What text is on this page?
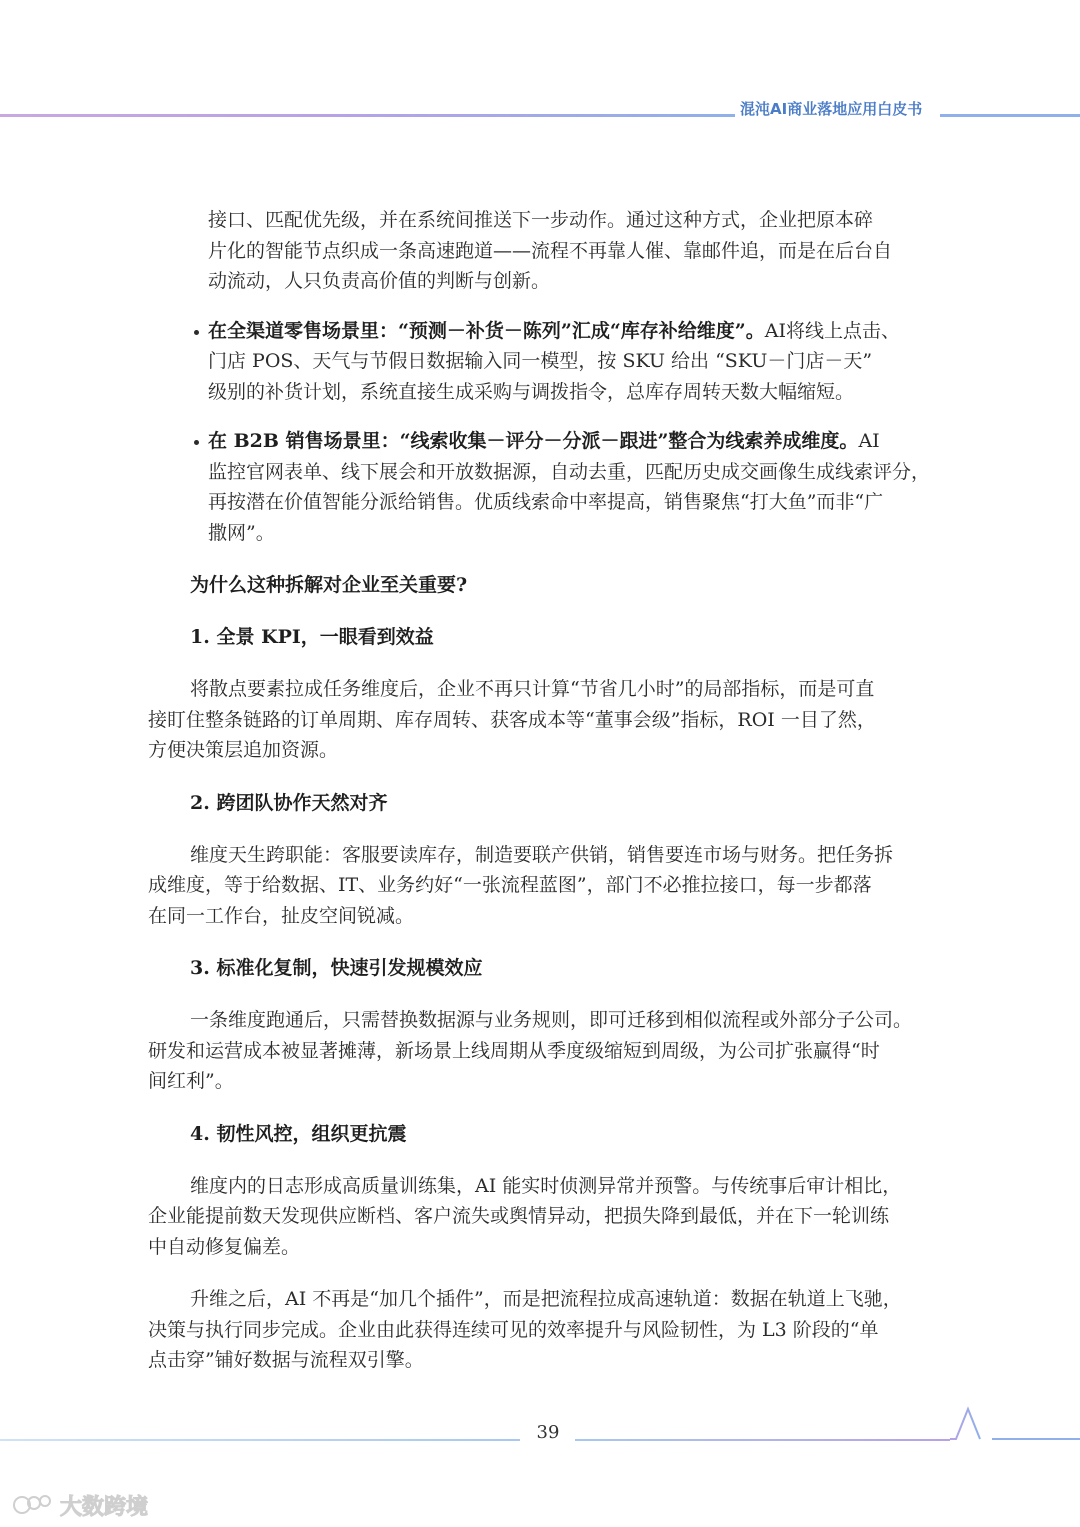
混沌AI商业落地应用白皮书

接口、匹配优先级，并在系统间推送下一步动作。通过这种方式，企业把原本碎

片化的智能节点织成一条高速跑道——流程不再靠人催、靠邮件追，而是在后台自

动流动，人只负责高价值的判断与创新。

在全渠道零售场景里：“预测－补货－陈列”汇成“库存补给维度”。AI将线上点击、

门店 POS、天气与节假日数据输入同一模型，按 SKU 给出 “SKU－门店－天”

级别的补货计划，系统直接生成采购与调拨指令，总库存周转天数大幅缩短。

在 B2B 销售场景里：“线索收集－评分－分派－跟进”整合为线索养成维度。AI

监控官网表单、线下展会和开放数据源，自动去重，匹配历史成交画像生成线索评分，

再按潜在价值智能分派给销售。优质线索命中率提高，销售聚焦“打大鱼”而非“广

撒网”。

为什么这种拆解对企业至关重要?

1. 全景 KPI，一眼看到效益

将散点要素拉成任务维度后，企业不再只计算“节省几小时”的局部指标，而是可直

接盯住整条链路的订单周期、库存周转、获客成本等“董事会级”指标，ROI 一目了然，

方便决策层追加资源。

2. 跨团队协作天然对齐

维度天生跨职能：客服要读库存，制造要联产供销，销售要连市场与财务。把任务拆

成维度，等于给数据、IT、业务约好“一张流程蓝图”，部门不必推拉接口，每一步都落

在同一工作台，扯皮空间锐减。

3. 标准化复制，快速引发规模效应

一条维度跑通后，只需替换数据源与业务规则，即可迁移到相似流程或外部分子公司。

研发和运营成本被显著摊薄，新场景上线周期从季度级缩短到周级，为公司扩张赢得“时

间红利”。

4. 韧性风控，组织更抗震

维度内的日志形成高质量训练集，AI 能实时侦测异常并预警。与传统事后审计相比，

企业能提前数天发现供应断档、客户流失或舆情异动，把损失降到最低，并在下一轮训练

中自动修复偏差。

升维之后，AI 不再是“加几个插件”，而是把流程拉成高速轨道：数据在轨道上飞驰，

决策与执行同步完成。企业由此获得连续可见的效率提升与风险韧性，为 L3 阶段的“单

点击穿”铺好数据与流程双引擎。

39
大数跨境
